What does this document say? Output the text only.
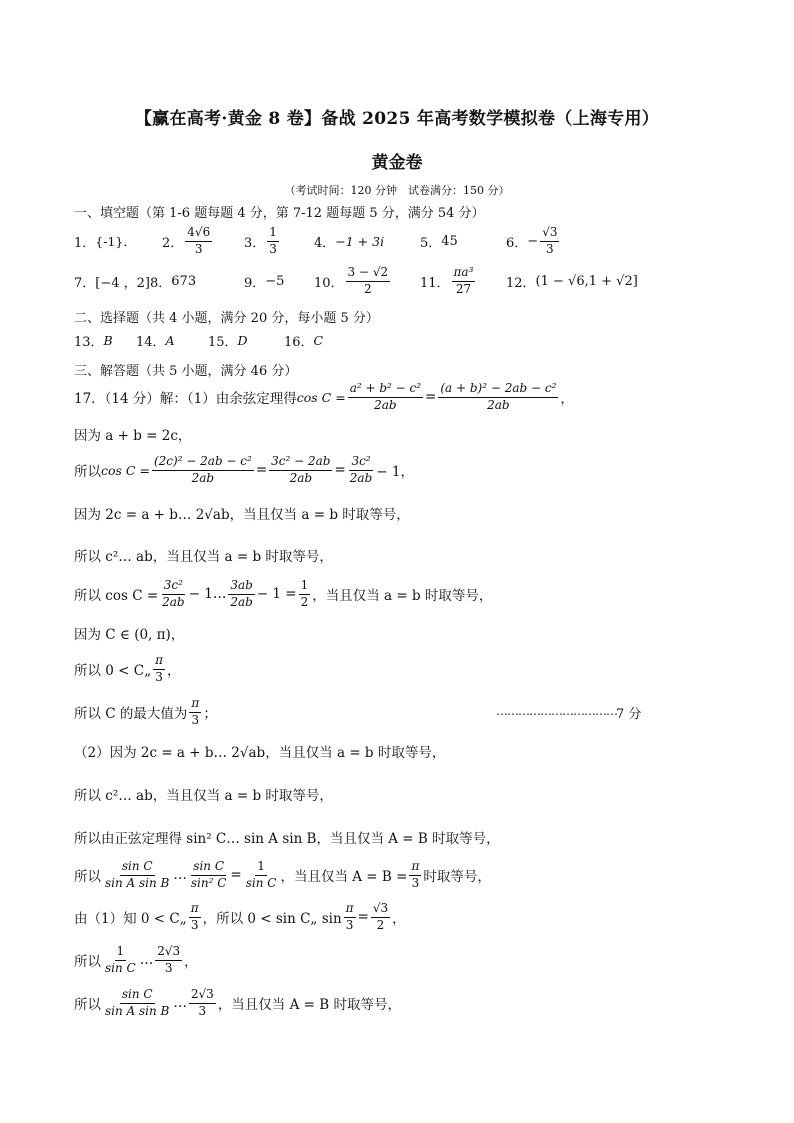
【赢在高考·黄金 8 卷】备战 2025 年高考数学模拟卷（上海专用）
黄金卷
（考试时间：120 分钟　试卷满分：150 分）
一、填空题（第 1-6 题每题 4 分，第 7-12 题每题 5 分，满分 54 分）
1． {-1}． 2． $\frac{4√6}{3} 3$． $\frac{1}{3}$	4． −1 + 3i	5． 45	6． − $\frac{√3}{3}$
7． [−4 ，2] 8． 673	9． −5 10． $\frac{3 - √2}{2} 11$． $\frac{\text{πa³}}{27} 12$． (1 − √6,1 + √2]
二、选择题（共 4 小题，满分 20 分，每小题 5 分）
13． B 14． A	15． D	16． C
三、解答题（共 5 小题，满分 46 分）
17．（14 分）解：（1）由余弦定理得 $\cos C = \frac{\text{a² + b² − c²}}{2ab} = \frac{\text{(a + b)² − 2ab − c²}}{2ab}$ ，
因为 a + b = 2c，
所以 $\cos C = \frac{\text{(2c)² − 2ab − c²}}{2ab} = \frac{\text{3c² − 2ab}}{2ab} = \frac{\text{3c²}}{2ab} - 1$，
因为 2c = a + b… 2√ab ，当且仅当 a = b 时取等号，
所以 c²… ab ，当且仅当 a = b 时取等号，
所以 $\cos C = \frac{\text{3c²}}{2ab}$ − 1… $\frac{3ab}{2ab} - 1 = \frac{1}{2}$ ，当且仅当 a = b 时取等号，
因为 C ∈ (0, π)，
所以 0 < C„ $\frac{\pi}{3}$ ，
所以 C 的最大值为 $\frac{\pi}{3}$ ；	…………………………… 7 分
（2）因为 2c = a + b… 2√ab ，当且仅当 a = b 时取等号，
所以 c²… ab ，当且仅当 a = b 时取等号，
所以由正弦定理得 sin² C… sin A sin B，当且仅当 A = B 时取等号，
所以 $\frac{\text{sin C}}{\text{sin A sin B}}$ … $\frac{\text{sin C}}{\text{sin² C}} = \frac{1}{\text{sin C}}$ ，当且仅当 $A = B = \frac{\pi}{3}$ 时取等号，
由（1）知 0 < C„ $\frac{\pi}{3}$ ，所以 0 < sin C„ $\sin \frac{\pi}{3} = \frac{√3}{2}$ ，
所以 $\frac{1}{\text{sin C}}$ … $\frac{2√3}{3}$ ，
所以 $\frac{\text{sin C}}{\text{sin A sin B}}$ … $\frac{2√3}{3}$ ，当且仅当 A = B 时取等号，
